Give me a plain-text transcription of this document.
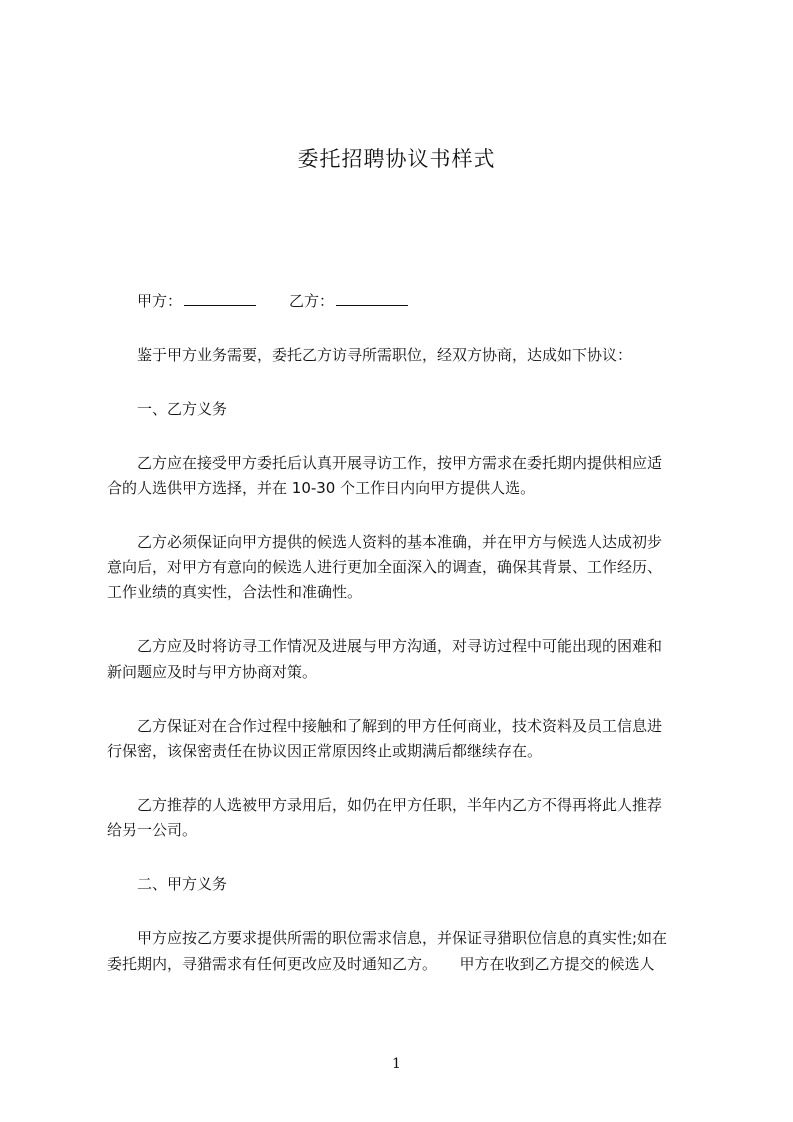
委托招聘协议书样式
甲方：	乙方：
鉴于甲方业务需要，委托乙方访寻所需职位，经双方协商，达成如下协议：
一、乙方义务
乙方应在接受甲方委托后认真开展寻访工作，按甲方需求在委托期内提供相应适
合的人选供甲方选择，并在 10-30 个工作日内向甲方提供人选。
乙方必须保证向甲方提供的候选人资料的基本准确，并在甲方与候选人达成初步
意向后，对甲方有意向的候选人进行更加全面深入的调查，确保其背景、工作经历、
工作业绩的真实性，合法性和准确性。
乙方应及时将访寻工作情况及进展与甲方沟通，对寻访过程中可能出现的困难和
新问题应及时与甲方协商对策。
乙方保证对在合作过程中接触和了解到的甲方任何商业，技术资料及员工信息进
行保密，该保密责任在协议因正常原因终止或期满后都继续存在。
乙方推荐的人选被甲方录用后，如仍在甲方任职，半年内乙方不得再将此人推荐
给另一公司。
二、甲方义务
甲方应按乙方要求提供所需的职位需求信息，并保证寻猎职位信息的真实性;如在
委托期内，寻猎需求有任何更改应及时通知乙方。　　甲方在收到乙方提交的候选人
1
